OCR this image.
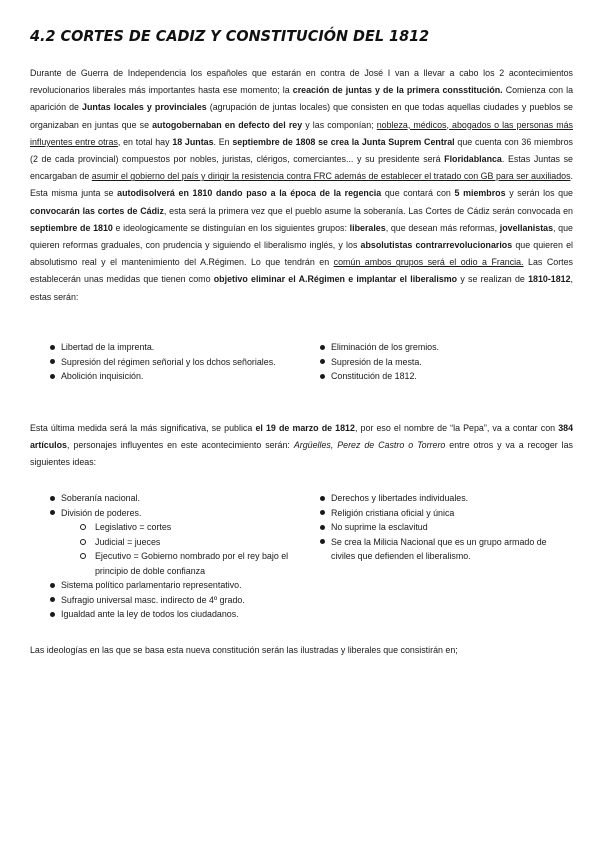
4.2 CORTES DE CADIZ Y CONSTITUCIÓN DEL 1812

Durante de Guerra de Independencia los españoles que estarán en contra de José I van a llevar a cabo los 2 acontecimientos revolucionarios liberales más importantes hasta ese momento; la creación de juntas y de la primera consstitución. Comienza con la aparición de Juntas locales y provinciales (agrupación de juntas locales) que consisten en que todas aquellas ciudades y pueblos se organizaban en juntas que se autogobernaban en defecto del rey y las componían; nobleza, médicos, abogados o las personas más influyentes entre otras, en total hay 18 Juntas. En septiembre de 1808 se crea la Junta Suprem Central que cuenta con 36 miembros (2 de cada provincial) compuestos por nobles, juristas, clérigos, comerciantes... y su presidente será Floridablanca. Estas Juntas se encargaban de asumir el gobierno del país y dirigir la resistencia contra FRC además de establecer el tratado con GB para ser auxiliados. Esta misma junta se autodisolverá en 1810 dando paso a la época de la regencia que contará con 5 miembros y serán los que convocarán las cortes de Cádiz, esta será la primera vez que el pueblo asume la soberanía. Las Cortes de Cádiz serán convocada en septiembre de 1810 e ideologicamente se distinguían en los siguientes grupos: liberales, que desean más reformas, jovellanistas, que quieren reformas graduales, con prudencia y siguiendo el liberalismo inglés, y los absolutistas contrarrevolucionarios que quieren el absolutismo real y el mantenimiento del A.Régimen. Lo que tendrán en común ambos grupos será el odio a Francia. Las Cortes establecerán unas medidas que tienen como objetivo eliminar el A.Régimen e implantar el liberalismo y se realizan de 1810-1812, estas serán:

Libertad de la imprenta.
Supresión del régimen señorial y los dchos señoriales.
Abolición inquisición.
Eliminación de los gremios.
Supresión de la mesta.
Constitución de 1812.

Esta última medida será la más significativa, se publica el 19 de marzo de 1812, por eso el nombre de “la Pepa”, va a contar con 384 artículos, personajes influyentes en este acontecimiento serán: Argüelles, Perez de Castro o Torrero entre otros y va a recoger las siguientes ideas:

Soberanía nacional.
División de poderes.
Legislativo = cortes
Judicial = jueces
Ejecutivo = Gobierno nombrado por el rey bajo el principio de doble confianza
Sistema político parlamentario representativo.
Sufragio universal masc. indirecto de 4º grado.
Igualdad ante la ley de todos los ciudadanos.
Derechos y libertades individuales.
Religión cristiana oficial y única
No suprime la esclavitud
Se crea la Milicia Nacional que es un grupo armado de civiles que defienden el liberalismo.

Las ideologías en las que se basa esta nueva constitución serán las ilustradas y liberales que consistirán en;
